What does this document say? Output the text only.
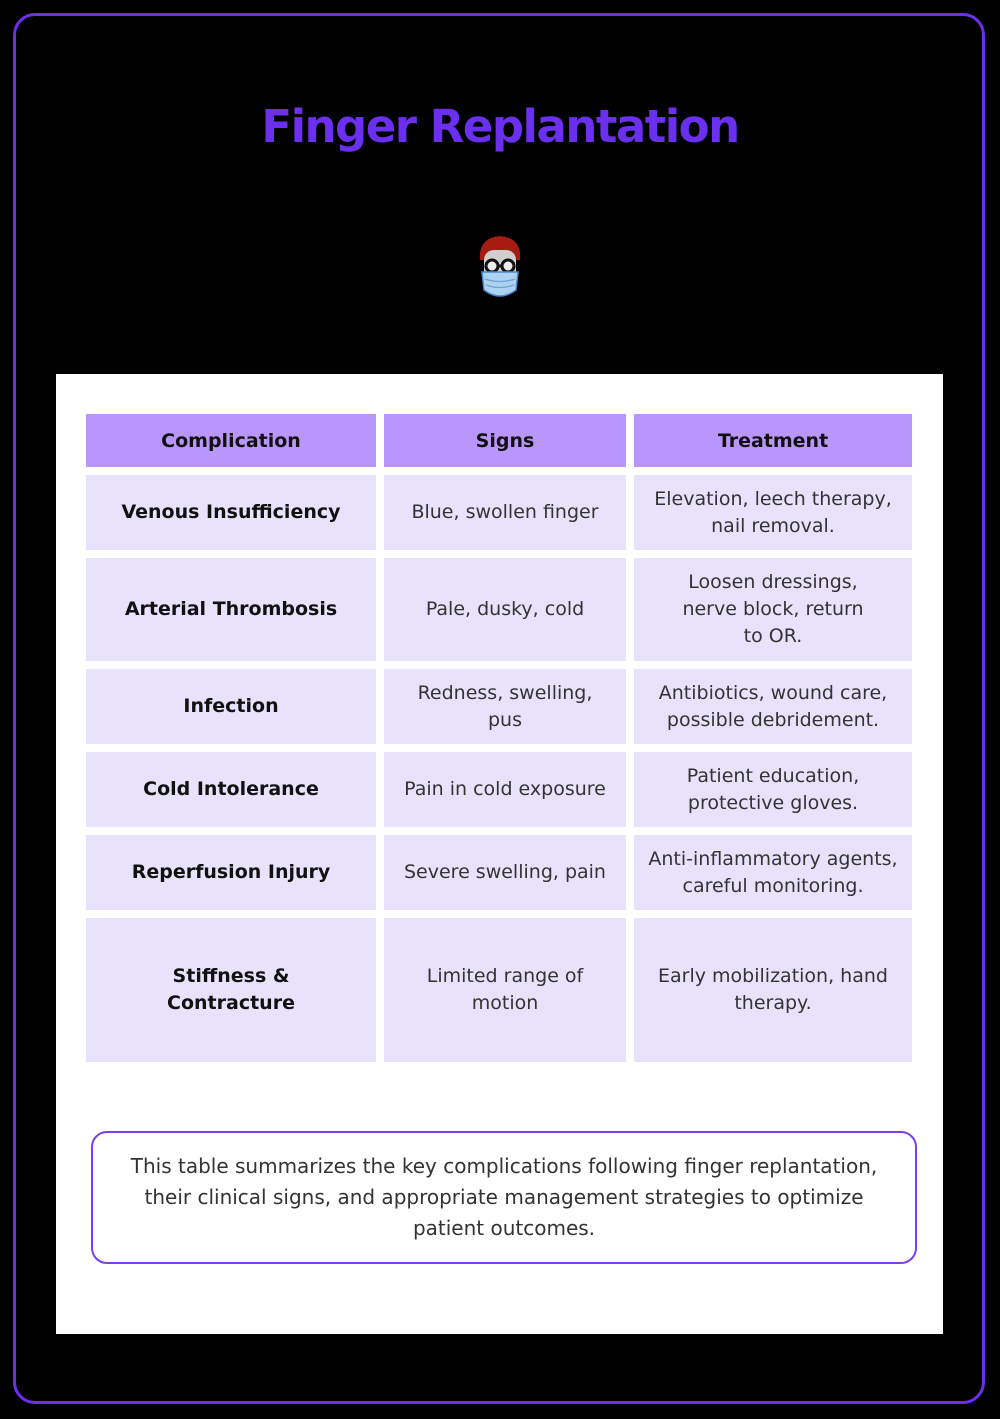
Finger Replantation
Complication	Signs	Treatment
Venous Insufficiency	Blue, swollen finger	Elevation, leech therapy, nail removal.
Arterial Thrombosis	Pale, dusky, cold	Loosen dressings, nerve block, return to OR.
Infection	Redness, swelling, pus	Antibiotics, wound care, possible debridement.
Cold Intolerance	Pain in cold exposure	Patient education, protective gloves.
Reperfusion Injury	Severe swelling, pain	Anti-inflammatory agents, careful monitoring.
Stiffness & Contracture	Limited range of motion	Early mobilization, hand therapy.
This table summarizes the key complications following finger replantation, their clinical signs, and appropriate management strategies to optimize patient outcomes.
